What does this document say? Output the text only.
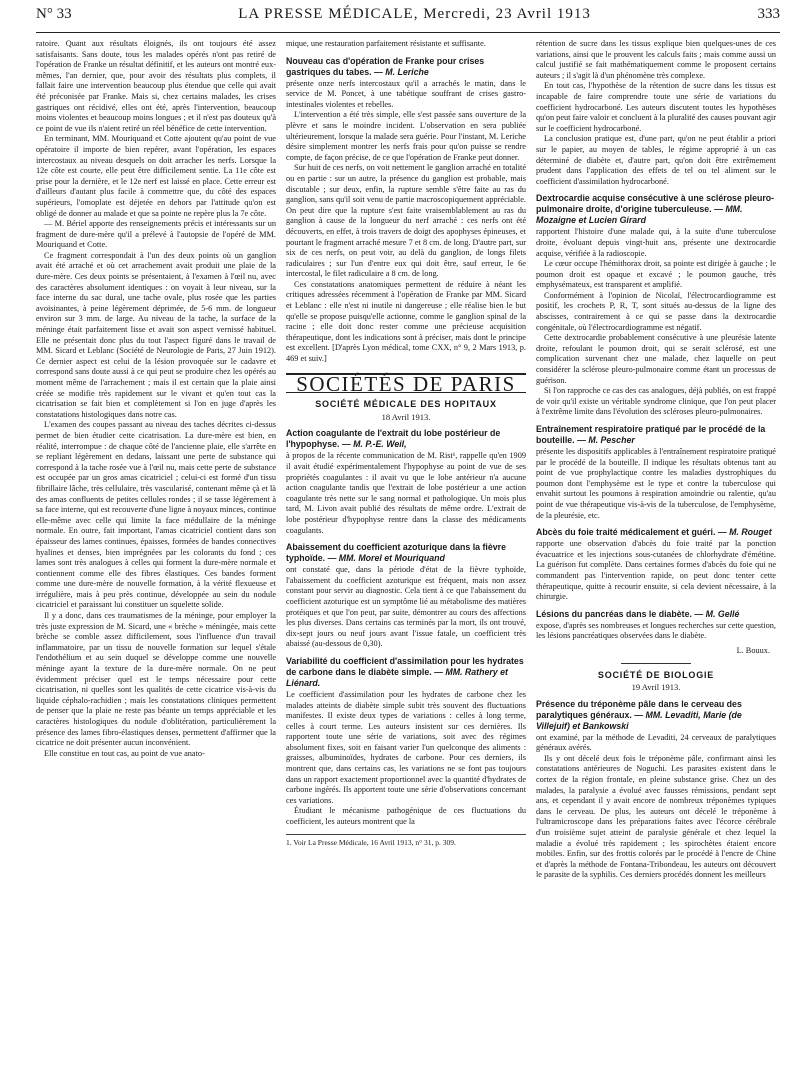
N° 33	LA PRESSE MÉDICALE, Mercredi, 23 Avril 1913	333

ratoire. Quant aux résultats éloignés, ils ont toujours été assez satisfaisants. Sans doute, tous les malades opérés n'ont pas retiré de l'opération de Franke un résultat définitif, et les auteurs ont montré eux-mêmes, l'an dernier, que, pour avoir des résultats plus complets, il fallait faire une intervention beaucoup plus étendue que celle qui avait été préconisée par Franke. Mais si, chez certains malades, les crises gastriques ont récidivé, elles ont été, après l'intervention, beaucoup moins violentes et beaucoup moins longues ; et il n'est pas douteux qu'à ce point de vue ils n'aient retiré un réel bénéfice de cette intervention.

En terminant, MM. Mouriquand et Cotte ajoutent qu'au point de vue opératoire il importe de bien repérer, avant l'opération, les espaces intercostaux au niveau desquels on doit arracher les nerfs. Lorsque la 12e côte est courte, elle peut être difficilement sentie. La 11e côte est prise pour la dernière, et le 12e nerf est laissé en place. Cette erreur est d'ailleurs d'autant plus facile à commettre que, du côté des espaces supérieurs, l'omoplate est déjetée en dehors par l'attitude qu'on est obligé de donner au malade et que sa pointe ne repère plus la 7e côte.

— M. Bériel apporte des renseignements précis et intéressants sur un fragment de dure-mère qu'il a prélevé à l'autopsie de l'opéré de MM. Mouriquand et Cotte.

Ce fragment correspondait à l'un des deux points où un ganglion avait été arraché et où cet arrachement avait produit une plaie de la dure-mère. Ces deux points se présentaient, à l'examen à l'œil nu, avec des caractères absolument identiques : on voyait à leur niveau, sur la face interne du sac dural, une tache ovale, plus rosée que les parties avoisinantes, à peine légèrement déprimée, de 5-6 mm. de longueur environ sur 3 mm. de large. Au niveau de la tache, la surface de la méninge était parfaitement lisse et avait son aspect vernissé habituel. Elle ne présentait donc plus du tout l'aspect figuré dans le travail de MM. Sicard et Leblanc (Société de Neurologie de Paris, 27 Juin 1912). Ce dernier aspect est celui de la lésion provoquée sur le cadavre et correspond sans doute aussi à ce qui peut se produire chez les opérés au moment même de l'arrachement ; mais il est certain que la plaie ainsi créée se modifie très rapidement sur le vivant et qu'en tout cas la cicatrisation se fait bien et complètement si l'on en juge d'après les constatations histologiques dans notre cas.

L'examen des coupes passant au niveau des taches décrites ci-dessus permet de bien étudier cette cicatrisation. La dure-mère est bien, en réalité, interrompue : de chaque côté de l'ancienne plaie, elle s'arrête en se repliant légèrement en dedans, laissant une perte de substance qui correspond à la tache rosée vue à l'œil nu, mais cette perte de substance est occupée par un gros amas cicatriciel ; celui-ci est formé d'un tissu fibrillaire lâche, très cellulaire, très vascularisé, contenant même çà et là des amas confluents de petites cellules rondes ; il se tasse légèrement à sa face interne, qui est recouverte d'une ligne à noyaux minces, continue elle-même avec celle qui limite la face médullaire de la méninge normale. En outre, fait important, l'amas cicatriciel contient dans son épaisseur des lames continues, épaisses, formées de bandes connectives hyalines et denses, bien imprégnées par les colorants du fond ; ces lames sont très analogues à celles qui forment la dure-mère normale et contiennent comme elle des fibres élastiques. Ces bandes forment comme une dure-mère de nouvelle formation, à la vérité flexueuse et irrégulière, mais à peu près continue, développée au sein du nodule cicatriciel et paraissant lui constituer un squelette solide.

Il y a donc, dans ces traumatismes de la méninge, pour employer la très juste expression de M. Sicard, une « brèche » méningée, mais cette brèche se comble assez difficilement, sous l'influence d'un travail inflammatoire, par un tissu de nouvelle formation sur lequel s'étale l'endothélium et au sein duquel se développe comme une nouvelle méninge ayant la texture de la dure-mère normale. On ne peut évidemment préciser quel est le temps nécessaire pour cette cicatrisation, ni quelles sont les qualités de cette cicatrice vis-à-vis du liquide céphalo-rachidien ; mais les constatations cliniques permettent de penser que la plaie ne reste pas béante un temps appréciable et les caractères histologiques du nodule d'oblitération, particulièrement la présence des lames fibro-élastiques denses, permettent d'affirmer que la cicatrice ne doit présenter aucun inconvénient.

Elle constitue en tout cas, au point de vue anato-

mique, une restauration parfaitement résistante et suffisante.

Nouveau cas d'opération de Franke pour crises gastriques du tabes. — M. Leriche

présente onze nerfs intercostaux qu'il a arrachés le matin, dans le service de M. Poncet, à une tabétique souffrant de crises gastro-intestinales violentes et rebelles.

L'intervention a été très simple, elle s'est passée sans ouverture de la plèvre et sans le moindre incident. L'observation en sera publiée ultérieurement, lorsque la malade sera guérie. Pour l'instant, M. Leriche désire simplement montrer les nerfs frais pour qu'on puisse se rendre compte, de façon précise, de ce que l'opération de Franke peut donner.

Sur huit de ces nerfs, on voit nettement le ganglion arraché en totalité ou en partie : sur un autre, la présence du ganglion est probable, mais discutable ; sur deux, enfin, la rupture semble s'être faite au ras du ganglion, sans qu'il soit venu de partie macroscopiquement appréciable. On peut dire que la rupture s'est faite vraisemblablement au ras du ganglion à cause de la longueur du nerf arraché : ces nerfs ont été découverts, en effet, à trois travers de doigt des apophyses épineuses, et pourtant le fragment arraché mesure 7 et 8 cm. de long. D'autre part, sur six de ces nerfs, on peut voir, au delà du ganglion, de longs filets radiculaires ; sur l'un d'entre eux qui doit être, sauf erreur, le 6e intercostal, le filet radiculaire a 8 cm. de long.

Ces constatations anatomiques permettent de réduire à néant les critiques adressées récemment à l'opération de Franke par MM. Sicard et Leblanc : elle n'est ni inutile ni dangereuse ; elle réalise bien le but qu'elle se propose puisqu'elle actionne, comme le ganglion spinal de la racine ; elle doit donc rester comme une précieuse acquisition thérapeutique, dont les indications sont à préciser, mais dont le principe est excellent. [D'après Lyon médical, tome CXX, n° 9, 2 Mars 1913, p. 469 et suiv.]

SOCIÉTÉS DE PARIS
SOCIÉTÉ MÉDICALE DES HOPITAUX
18 Avril 1913.
Action coagulante de l'extrait du lobe postérieur de l'hypophyse. — M. P.-E. Weil,

à propos de la récente communication de M. Rist¹, rappelle qu'en 1909 il avait étudié expérimentalement l'hypophyse au point de vue de ses propriétés coagulantes : il avait vu que le lobe antérieur n'a aucune action coagulante tandis que l'extrait de lobe postérieur a une action coagulante très nette sur le sang normal et pathologique. Un mois plus tard, M. Livon avait publié des résultats de même ordre. L'extrait de lobe postérieur d'hypophyse rentre dans la classe des médicaments coagulants.

Abaissement du coefficient azoturique dans la fièvre typhoïde. — MM. Morel et Mouriquand

ont constaté que, dans la période d'état de la fièvre typhoïde, l'abaissement du coefficient azoturique est fréquent, mais non assez constant pour servir au diagnostic. Cela tient à ce que l'abaissement du coefficient azoturique est un symptôme lié au métabolisme des matières protéiques et que l'on peut, par suite, démontrer au cours des affections les plus diverses. Dans certains cas terminés par la mort, ils ont trouvé, dix-sept jours ou neuf jours avant l'issue fatale, un coefficient très abaissé (au-dessous de 0,30).

Variabilité du coefficient d'assimilation pour les hydrates de carbone dans le diabète simple. — MM. Rathery et Liénard.

Le coefficient d'assimilation pour les hydrates de carbone chez les malades atteints de diabète simple subit très souvent des fluctuations manifestes. Il existe deux types de variations : celles à long terme, celles à court terme. Les auteurs insistent sur ces dernières. Ils rapportent toute une série de variations, soit avec des régimes absolument fixes, soit en faisant varier l'un quelconque des aliments : graisses, albuminoïdes, hydrates de carbone. Pour ces derniers, ils montrent que, dans certains cas, les variations ne se font pas toujours dans un rapport exactement proportionnel avec la quantité d'hydrates de carbone ingérés. Ils apportent toute une série d'observations concernant ces variations.

Étudiant le mécanisme pathogénique de ces fluctuations du coefficient, les auteurs montrent que la

1. Voir La Presse Médicale, 16 Avril 1913, n° 31, p. 309.

rétention de sucre dans les tissus explique bien quelques-unes de ces variations, ainsi que le prouvent les calculs faits ; mais comme aussi un calcul justifié se fait mathématiquement comme le proposent certains auteurs ; il s'agit là d'un phénomène très complexe.

En tout cas, l'hypothèse de la rétention de sucre dans les tissus est incapable de faire comprendre toute une série de variations du coefficient hydrocarboné. Les auteurs discutent toutes les hypothèses qu'on peut faire valoir et concluent à la pluralité des causes pouvant agir sur le coefficient hydrocarboné.

La conclusion pratique est, d'une part, qu'on ne peut établir a priori sur le papier, au moyen de tables, le régime approprié à un cas déterminé de diabète et, d'autre part, qu'on doit être extrêmement prudent dans l'application des effets de tel ou tel aliment sur le coefficient d'assimilation hydrocarboné.

Dextrocardie acquise consécutive à une sclérose pleuro-pulmonaire droite, d'origine tuberculeuse. — MM. Mozaigne et Lucien Girard

rapportent l'histoire d'une malade qui, à la suite d'une tuberculose droite, évoluant depuis vingt-huit ans, présente une dextrocardie acquise, vérifiée à la radioscopie.

Le cœur occupe l'hémithorax droit, sa pointe est dirigée à gauche ; le poumon droit est opaque et excavé ; le poumon gauche, très emphysémateux, est transparent et amplifié.

Conformément à l'opinion de Nicolaï, l'électrocardiogramme est positif, les crochets P, R, T, sont situés au-dessus de la ligne des abscisses, contrairement à ce qui se passe dans la dextrocardie congénitale, où l'électrocardiogramme est négatif.

Cette dextrocardie probablement consécutive à une pleurésie latente droite, refoulant le poumon droit, qui se serait sclérosé, est une complication survenant chez une malade, chez laquelle on peut considérer la sclérose pleuro-pulmonaire comme étant un processus de guérison.

Si l'on rapproche ce cas des cas analogues, déjà publiés, on est frappé de voir qu'il existe un véritable syndrome clinique, que l'on peut placer à l'extrême limite dans l'évolution des scléroses pleuro-pulmonaires.

Entraînement respiratoire pratiqué par le procédé de la bouteille. — M. Pescher

présente les dispositifs applicables à l'entraînement respiratoire pratiqué par le procédé de la bouteille. Il indique les résultats obtenus tant au point de vue prophylactique contre les maladies dystrophiques du poumon dont l'emphysème est le type et contre la tuberculose qui envahit surtout les poumons à respiration amoindrie ou ralentie, qu'au point de vue thérapeutique vis-à-vis de la tuberculose, de l'emphysème, de la pleurésie, etc.

Abcès du foie traité médicalement et guéri. — M. Rouget

rapporte une observation d'abcès du foie traité par la ponction évacuatrice et les injections sous-cutanées de chlorhydrate d'émétine. La guérison fut complète. Dans certaines formes d'abcès du foie qui ne commandent pas l'intervention rapide, on peut donc tenter cette thérapeutique, quitte à recourir ensuite, si cela devient nécessaire, à la chirurgie.

Lésions du pancréas dans le diabète. — M. Gellé

expose, d'après ses nombreuses et longues recherches sur cette question, les lésions pancréatiques observées dans le diabète.

L. Bouux.
SOCIÉTÉ DE BIOLOGIE
19 Avril 1913.
Présence du tréponème pâle dans le cerveau des paralytiques généraux. — MM. Levaditi, Marie (de Villejuif) et Bankowski

ont examiné, par la méthode de Levaditi, 24 cerveaux de paralytiques généraux avérés.

Ils y ont décelé deux fois le tréponème pâle, confirmant ainsi les constatations antérieures de Noguchi. Les parasites existent dans le cortex de la région frontale, en pleine substance grise. Chez un des malades, la paralysie a évolué avec fausses rémissions, pendant sept ans, et cependant il y avait encore de nombreux tréponèmes typiques dans le cerveau. De plus, les auteurs ont décelé le tréponème à l'ultramicroscope dans les préparations faites avec l'écorce cérébrale d'un troisième sujet atteint de paralysie générale et chez lequel la maladie a évolué très rapidement ; les spirochètes étaient encore mobiles. Enfin, sur des frottis colorés par le procédé à l'encre de Chine et d'après la méthode de Fontana-Tribondeau, les auteurs ont découvert le parasite de la syphilis. Ces derniers procédés donnent les meilleurs
